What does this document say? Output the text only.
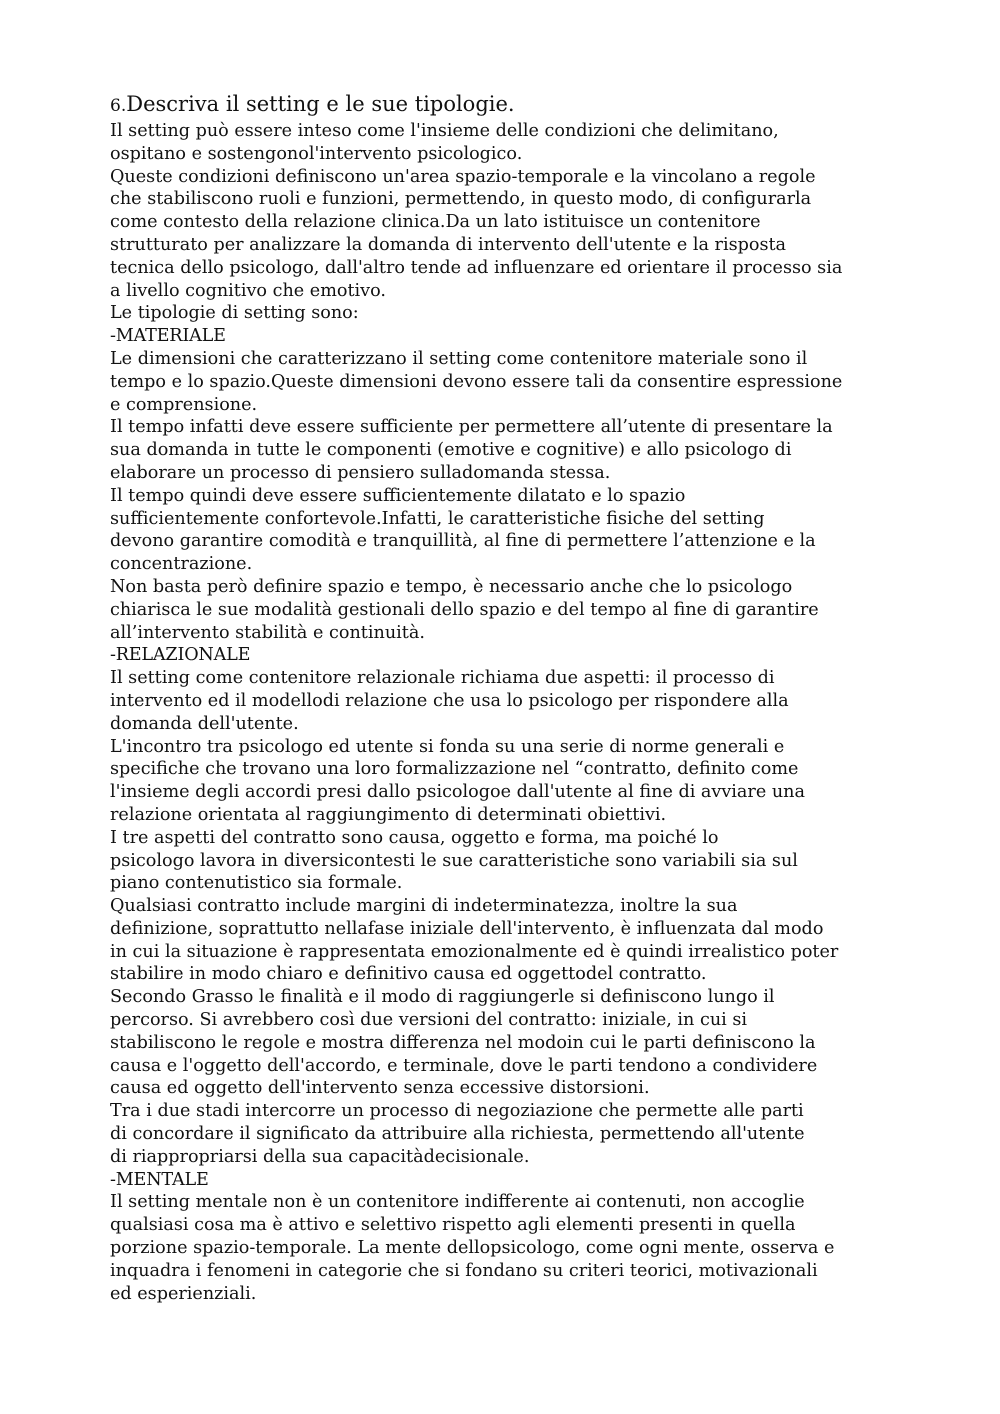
6.Descriva il setting e le sue tipologie.
Il setting può essere inteso come l'insieme delle condizioni che delimitano,
ospitano e sostengonol'intervento psicologico.
Queste condizioni definiscono un'area spazio-temporale e la vincolano a regole
che stabiliscono ruoli e funzioni, permettendo, in questo modo, di configurarla
come contesto della relazione clinica.Da un lato istituisce un contenitore
strutturato per analizzare la domanda di intervento dell'utente e la risposta
tecnica dello psicologo, dall'altro tende ad influenzare ed orientare il processo sia
a livello cognitivo che emotivo.
Le tipologie di setting sono:
-MATERIALE
Le dimensioni che caratterizzano il setting come contenitore materiale sono il
tempo e lo spazio.Queste dimensioni devono essere tali da consentire espressione
e comprensione.
Il tempo infatti deve essere sufficiente per permettere all’utente di presentare la
sua domanda in tutte le componenti (emotive e cognitive) e allo psicologo di
elaborare un processo di pensiero sulladomanda stessa.
Il tempo quindi deve essere sufficientemente dilatato e lo spazio
sufficientemente confortevole.Infatti, le caratteristiche fisiche del setting
devono garantire comodità e tranquillità, al fine di permettere l’attenzione e la
concentrazione.
Non basta però definire spazio e tempo, è necessario anche che lo psicologo
chiarisca le sue modalità gestionali dello spazio e del tempo al fine di garantire
all’intervento stabilità e continuità.
-RELAZIONALE
Il setting come contenitore relazionale richiama due aspetti: il processo di
intervento ed il modellodi relazione che usa lo psicologo per rispondere alla
domanda dell'utente.
L'incontro tra psicologo ed utente si fonda su una serie di norme generali e
specifiche che trovano una loro formalizzazione nel “contratto, definito come
l'insieme degli accordi presi dallo psicologoe dall'utente al fine di avviare una
relazione orientata al raggiungimento di determinati obiettivi.
I tre aspetti del contratto sono causa, oggetto e forma, ma poiché lo
psicologo lavora in diversicontesti le sue caratteristiche sono variabili sia sul
piano contenutistico sia formale.
Qualsiasi contratto include margini di indeterminatezza, inoltre la sua
definizione, soprattutto nellafase iniziale dell'intervento, è influenzata dal modo
in cui la situazione è rappresentata emozionalmente ed è quindi irrealistico poter
stabilire in modo chiaro e definitivo causa ed oggettodel contratto.
Secondo Grasso le finalità e il modo di raggiungerle si definiscono lungo il
percorso. Si avrebbero così due versioni del contratto: iniziale, in cui si
stabiliscono le regole e mostra differenza nel modoin cui le parti definiscono la
causa e l'oggetto dell'accordo, e terminale, dove le parti tendono a condividere
causa ed oggetto dell'intervento senza eccessive distorsioni.
Tra i due stadi intercorre un processo di negoziazione che permette alle parti
di concordare il significato da attribuire alla richiesta, permettendo all'utente
di riappropriarsi della sua capacitàdecisionale.
-MENTALE
Il setting mentale non è un contenitore indifferente ai contenuti, non accoglie
qualsiasi cosa ma è attivo e selettivo rispetto agli elementi presenti in quella
porzione spazio-temporale. La mente dellopsicologo, come ogni mente, osserva e
inquadra i fenomeni in categorie che si fondano su criteri teorici, motivazionali
ed esperienziali.
